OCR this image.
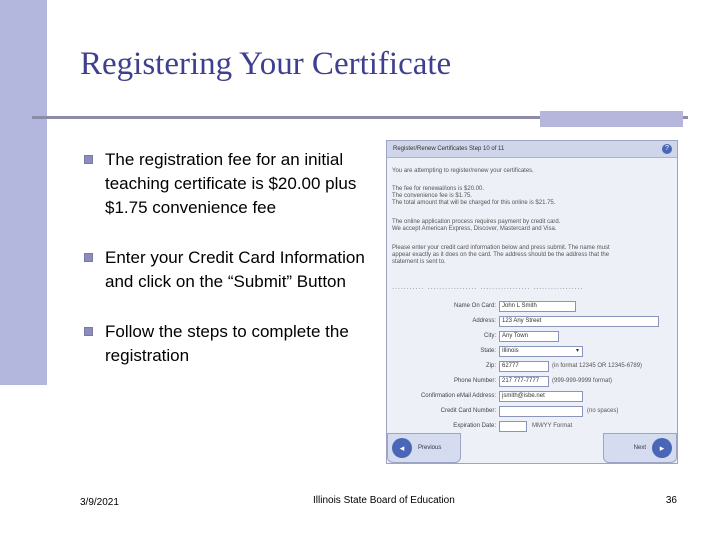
Registering Your Certificate
The registration fee for an initial teaching certificate is $20.00 plus $1.75 convenience fee
Enter your Credit Card Information and click on the “Submit” Button
Follow the steps to complete the registration
Register/Renew Certificates Step 10 of 11	?
You are attempting to register/renew your certificates.
The fee for renewal/ions is $20.00.
The convenience fee is $1.75.
The total amount that will be charged for this online is $21.75.
The online application process requires payment by credit card.
We accept American Express, Discover, Mastercard and Visa.
Please enter your credit card information below and press submit. The name must
appear exactly as it does on the card. The address should be the address that the
statement is sent to.
........... ................. ................. .................
Name On Card:	John L Smith
Address:	123 Any Street
City:	Any Town
State:	Illinois	▾
Zip:	62777	(in format 12345 OR 12345-6789)
Phone Number:	217 777-7777	(999-999-9999 format)
Confirmation eMail Address:	jsmith@isbe.net
Credit Card Number:	(no spaces)
Expiration Date:	MM/YY Format
◂	Previous	Next	▸
3/9/2021	Illinois State Board of Education	36
